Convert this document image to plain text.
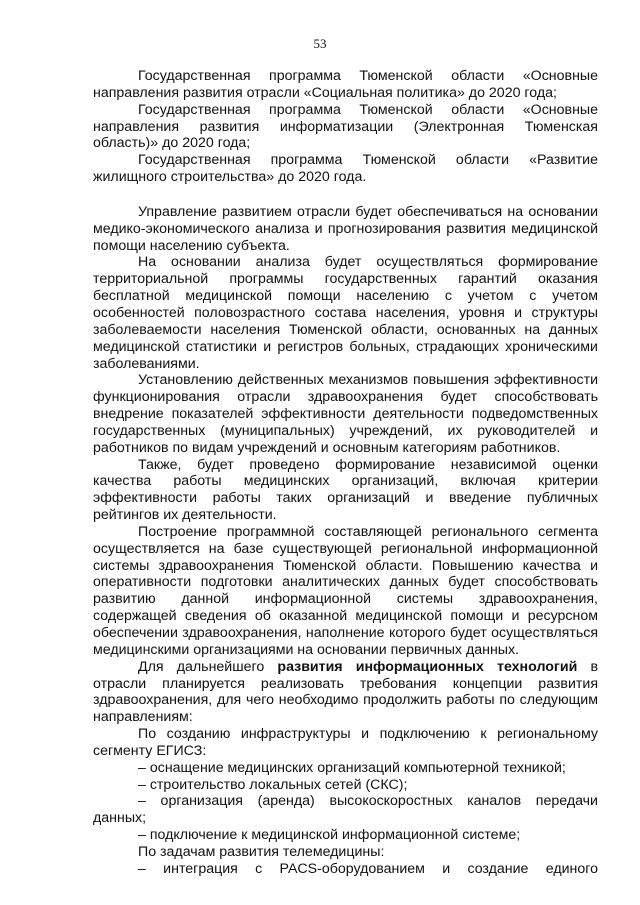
53

Государственная программа Тюменской области «Основные направления развития отрасли «Социальная политика» до 2020 года;

Государственная программа Тюменской области «Основные направления развития информатизации (Электронная Тюменская область)» до 2020 года;

Государственная программа Тюменской области «Развитие жилищного строительства» до 2020 года.

Управление развитием отрасли будет обеспечиваться на основании медико-экономического анализа и прогнозирования развития медицинской помощи населению субъекта.

На основании анализа будет осуществляться формирование территориальной программы государственных гарантий оказания бесплатной медицинской помощи населению с учетом с учетом особенностей половозрастного состава населения, уровня и структуры заболеваемости населения Тюменской области, основанных на данных медицинской статистики и регистров больных, страдающих хроническими заболеваниями.

Установлению действенных механизмов повышения эффективности функционирования отрасли здравоохранения будет способствовать внедрение показателей эффективности деятельности подведомственных государственных (муниципальных) учреждений, их руководителей и работников по видам учреждений и основным категориям работников.

Также, будет проведено формирование независимой оценки качества работы медицинских организаций, включая критерии эффективности работы таких организаций и введение публичных рейтингов их деятельности.

Построение программной составляющей регионального сегмента осуществляется на базе существующей региональной информационной системы здравоохранения Тюменской области. Повышению качества и оперативности подготовки аналитических данных будет способствовать развитию данной информационной системы здравоохранения, содержащей сведения об оказанной медицинской помощи и ресурсном обеспечении здравоохранения, наполнение которого будет осуществляться медицинскими организациями на основании первичных данных.

Для дальнейшего развития информационных технологий в отрасли планируется реализовать требования концепции развития здравоохранения, для чего необходимо продолжить работы по следующим направлениям:

По созданию инфраструктуры и подключению к региональному сегменту ЕГИСЗ:

– оснащение медицинских организаций компьютерной техникой;

– строительство локальных сетей (СКС);

– организация (аренда) высокоскоростных каналов передачи данных;

– подключение к медицинской информационной системе;

По задачам развития телемедицины:

– интеграция с PACS-оборудованием и создание единого
